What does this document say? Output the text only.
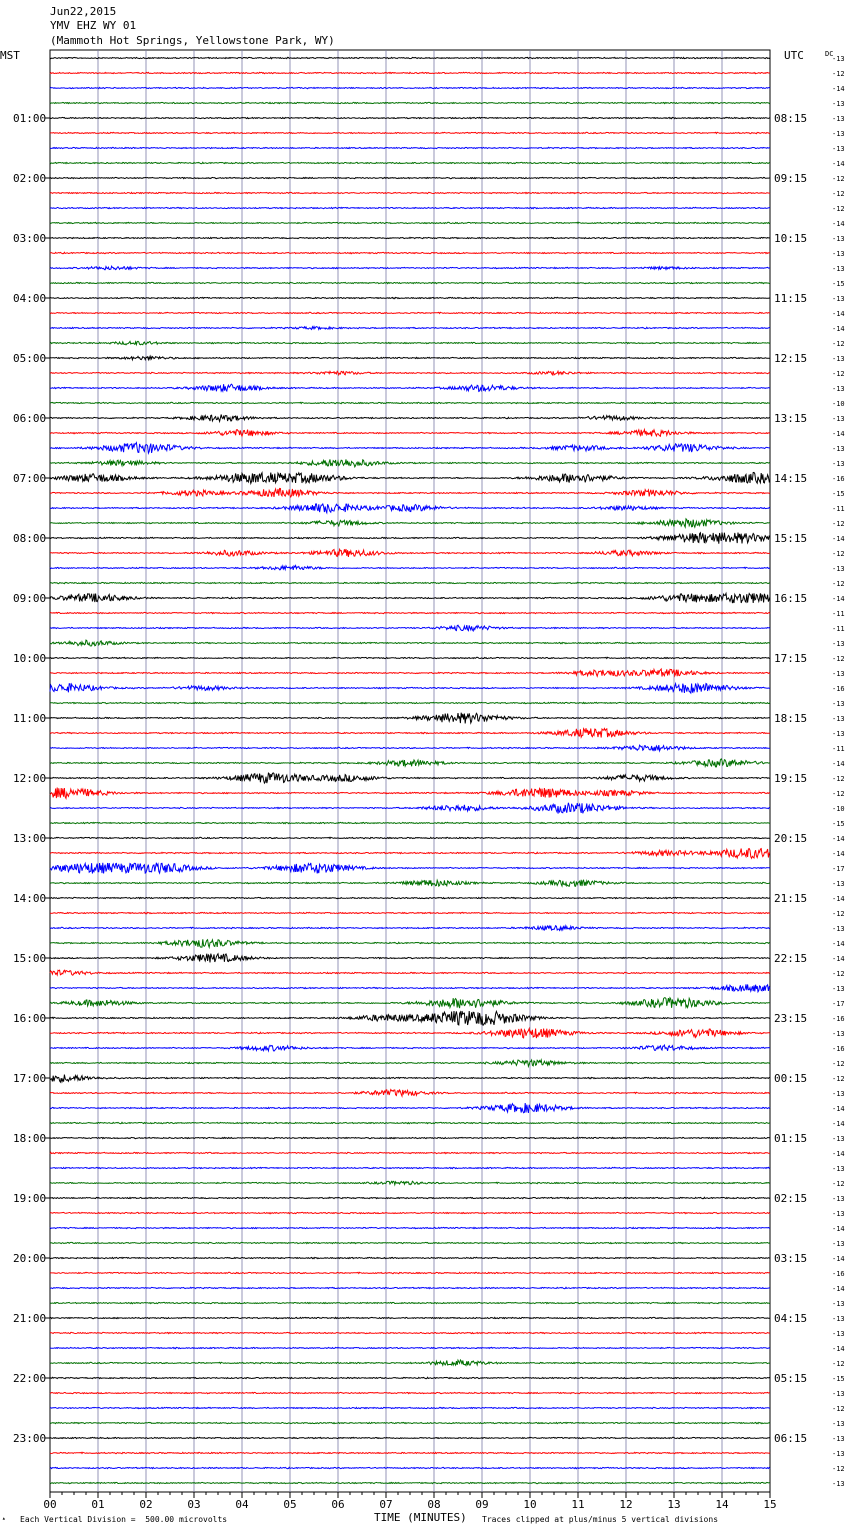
Jun22,2015
YMV EHZ WY 01
(Mammoth Hot Springs, Yellowstone Park, WY)
MST	UTC	DC
-13
-12
-14
-13
-13
-13
-13
-14
-12
-12
-12
-14
-13
-13
-13
-15
-13
-14
-14
-12
-13
-12
-13
-10
-13
-14
-13
-13
-16
-15
-11
-12
-14
-12
-13
-12
-14
-11
-11
-13
-12
-13
-16
-13
-13
-13
-11
-14
-12
-12
-10
-15
-14
-14
-17
-13
-14
-12
-13
-14
-14
-12
-13
-17
-16
-13
-16
-12
-12
-13
-14
-14
-13
-14
-13
-12
-13
-13
-14
-13
-14
-16
-14
-13
-13
-13
-14
-12
-15
-13
-12
-13
-13
-13
-12
-13
01:00
02:00
03:00
04:00
05:00
06:00
07:00
08:00
09:00
10:00
11:00
12:00
13:00
14:00
15:00
16:00
17:00
18:00
19:00
20:00
21:00
22:00
23:00
08:15
09:15
10:15
11:15
12:15
13:15
14:15
15:15
16:15
17:15
18:15
19:15
20:15
21:15
22:15
23:15
00:15
01:15
02:15
03:15
04:15
05:15
06:15
00	01	02	03	04	05	06	07	08	09	10	11	12	13	14	15
TIME (MINUTES)
Each Vertical Division =  500.00 microvolts	Traces clipped at plus/minus 5 vertical divisions
▴
